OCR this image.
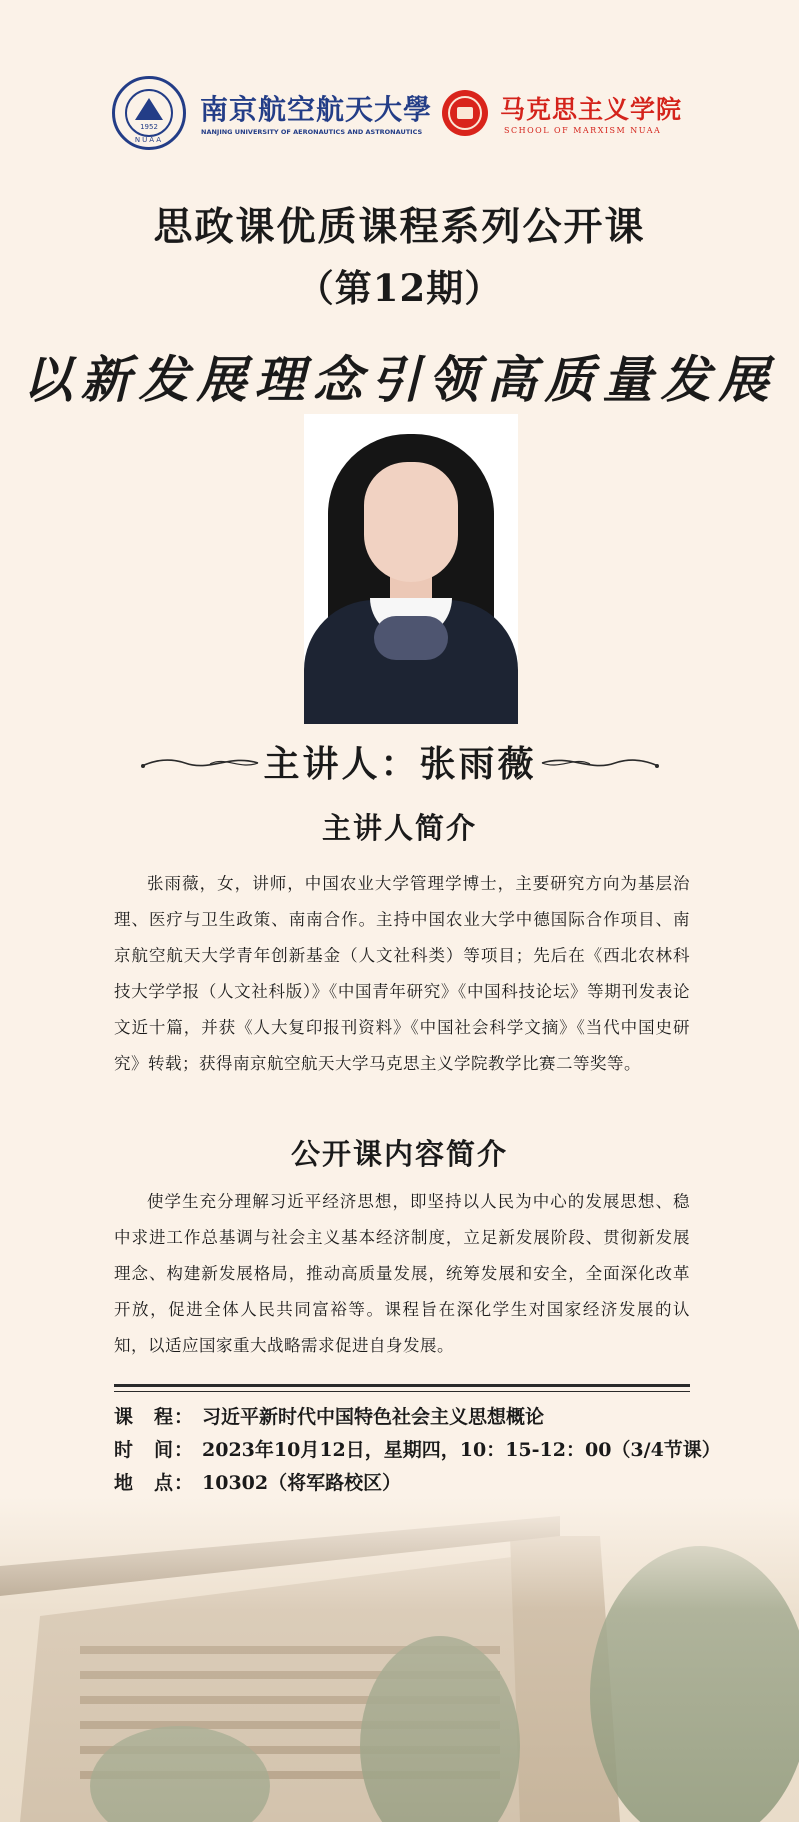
1952
NUAA
南京航空航天大學
NANJING UNIVERSITY OF AERONAUTICS AND ASTRONAUTICS
马克思主义学院
SCHOOL OF MARXISM NUAA
思政课优质课程系列公开课
（第12期）
以新发展理念引领高质量发展
主讲人：张雨薇
主讲人简介
张雨薇，女，讲师，中国农业大学管理学博士，主要研究方向为基层治理、医疗与卫生政策、南南合作。主持中国农业大学中德国际合作项目、南京航空航天大学青年创新基金（人文社科类）等项目；先后在《西北农林科技大学学报（人文社科版）》《中国青年研究》《中国科技论坛》等期刊发表论文近十篇，并获《人大复印报刊资料》《中国社会科学文摘》《当代中国史研究》转载；获得南京航空航天大学马克思主义学院教学比赛二等奖等。
公开课内容简介
使学生充分理解习近平经济思想，即坚持以人民为中心的发展思想、稳中求进工作总基调与社会主义基本经济制度，立足新发展阶段、贯彻新发展理念、构建新发展格局，推动高质量发展，统筹发展和安全，全面深化改革开放，促进全体人民共同富裕等。课程旨在深化学生对国家经济发展的认知，以适应国家重大战略需求促进自身发展。
课　程： 习近平新时代中国特色社会主义思想概论
时　间： 2023年10月12日，星期四，10：15-12：00（3/4节课）
地　点： 10302（将军路校区）
